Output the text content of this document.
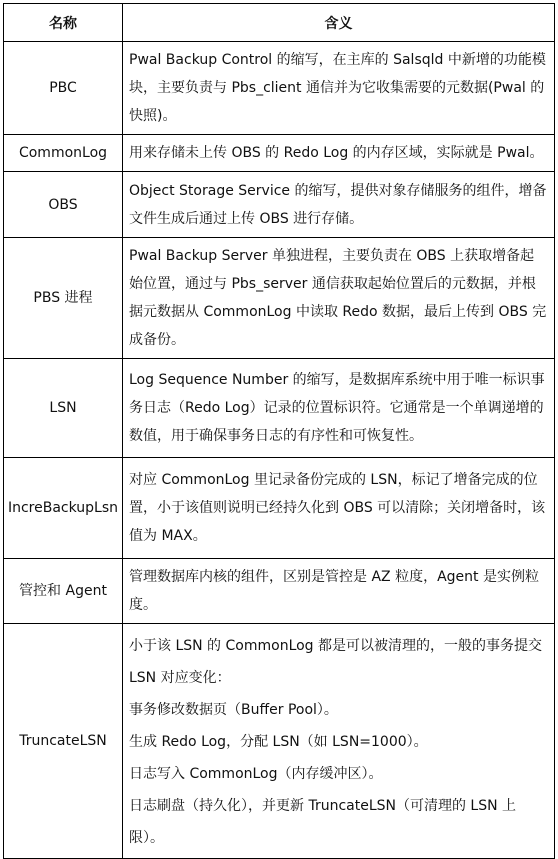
名称	含义
PBC	Pwal Backup Control 的缩写，在主库的 Salsqld 中新增的功能模块，主要负责与 Pbs_client 通信并为它收集需要的元数据(Pwal 的快照)。
CommonLog	用来存储未上传 OBS 的 Redo Log 的内存区域，实际就是 Pwal。
OBS	Object Storage Service 的缩写，提供对象存储服务的组件，增备文件生成后通过上传 OBS 进行存储。
PBS 进程	Pwal Backup Server 单独进程，主要负责在 OBS 上获取增备起始位置，通过与 Pbs_server 通信获取起始位置后的元数据，并根据元数据从 CommonLog 中读取 Redo 数据，最后上传到 OBS 完成备份。
LSN	Log Sequence Number 的缩写，是数据库系统中用于唯一标识事务日志（Redo Log）记录的位置标识符。它通常是一个单调递增的数值，用于确保事务日志的有序性和可恢复性。
IncreBackupLsn	对应 CommonLog 里记录备份完成的 LSN，标记了增备完成的位置，小于该值则说明已经持久化到 OBS 可以清除；关闭增备时，该值为 MAX。
管控和 Agent	管理数据库内核的组件，区别是管控是 AZ 粒度，Agent 是实例粒度。
TruncateLSN	小于该 LSN 的 CommonLog 都是可以被清理的，一般的事务提交 LSN 对应变化：

事务修改数据页（Buffer Pool）。

生成 Redo Log，分配 LSN（如 LSN=1000）。

日志写入 CommonLog（内存缓冲区）。

日志刷盘（持久化），并更新 TruncateLSN（可清理的 LSN 上限）。
